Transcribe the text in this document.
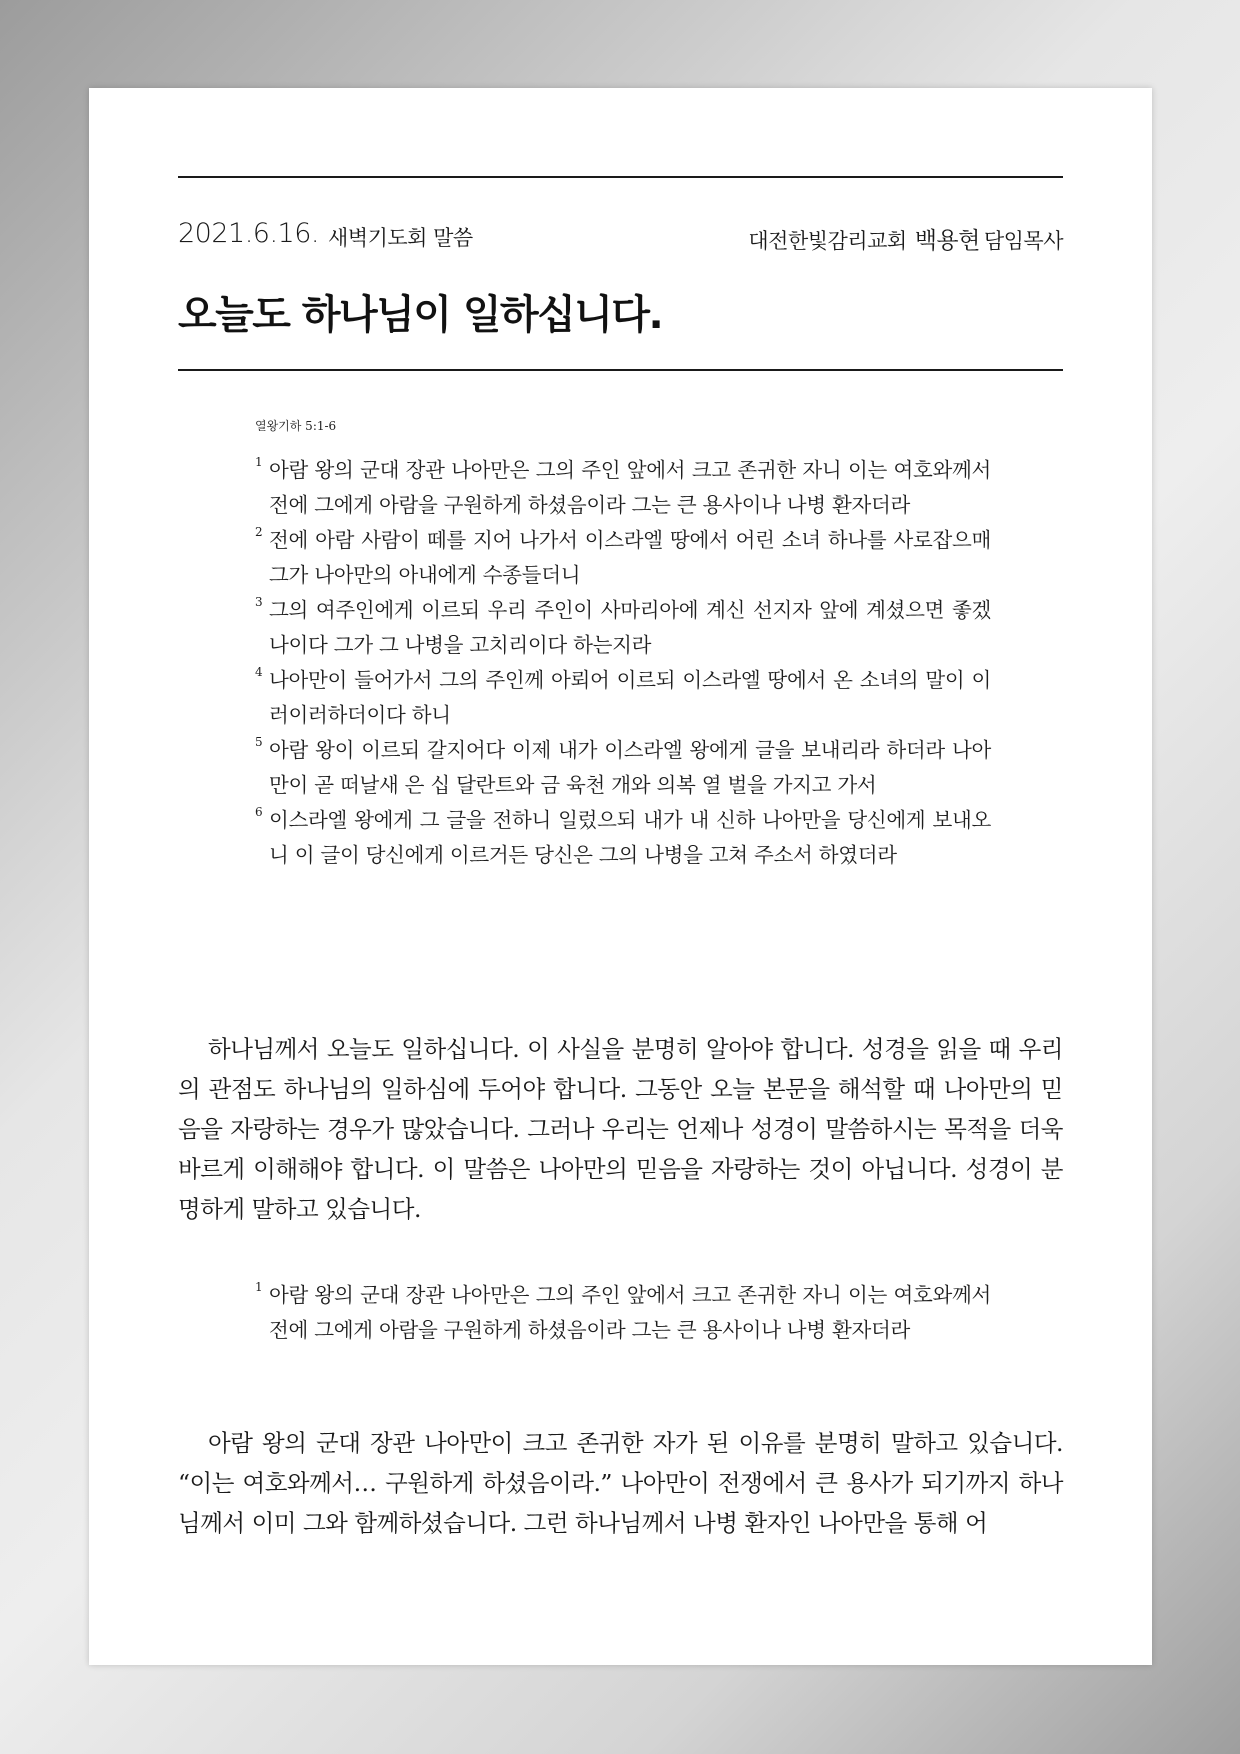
2021.6.16. 새벽기도회 말씀	대전한빛감리교회 백용현 담임목사
오늘도 하나님이 일하십니다.
열왕기하 5:1-6

1 아람 왕의 군대 장관 나아만은 그의 주인 앞에서 크고 존귀한 자니 이는 여호와께서 전에 그에게 아람을 구원하게 하셨음이라 그는 큰 용사이나 나병 환자더라

2 전에 아람 사람이 떼를 지어 나가서 이스라엘 땅에서 어린 소녀 하나를 사로잡으매 그가 나아만의 아내에게 수종들더니

3 그의 여주인에게 이르되 우리 주인이 사마리아에 계신 선지자 앞에 계셨으면 좋겠나이다 그가 그 나병을 고치리이다 하는지라

4 나아만이 들어가서 그의 주인께 아뢰어 이르되 이스라엘 땅에서 온 소녀의 말이 이러이러하더이다 하니

5 아람 왕이 이르되 갈지어다 이제 내가 이스라엘 왕에게 글을 보내리라 하더라 나아만이 곧 떠날새 은 십 달란트와 금 육천 개와 의복 열 벌을 가지고 가서

6 이스라엘 왕에게 그 글을 전하니 일렀으되 내가 내 신하 나아만을 당신에게 보내오니 이 글이 당신에게 이르거든 당신은 그의 나병을 고쳐 주소서 하였더라

하나님께서 오늘도 일하십니다. 이 사실을 분명히 알아야 합니다. 성경을 읽을 때 우리의 관점도 하나님의 일하심에 두어야 합니다. 그동안 오늘 본문을 해석할 때 나아만의 믿음을 자랑하는 경우가 많았습니다. 그러나 우리는 언제나 성경이 말씀하시는 목적을 더욱 바르게 이해해야 합니다. 이 말씀은 나아만의 믿음을 자랑하는 것이 아닙니다. 성경이 분명하게 말하고 있습니다.

1 아람 왕의 군대 장관 나아만은 그의 주인 앞에서 크고 존귀한 자니 이는 여호와께서 전에 그에게 아람을 구원하게 하셨음이라 그는 큰 용사이나 나병 환자더라

아람 왕의 군대 장관 나아만이 크고 존귀한 자가 된 이유를 분명히 말하고 있습니다. “이는 여호와께서… 구원하게 하셨음이라.” 나아만이 전쟁에서 큰 용사가 되기까지 하나님께서 이미 그와 함께하셨습니다. 그런 하나님께서 나병 환자인 나아만을 통해 어
